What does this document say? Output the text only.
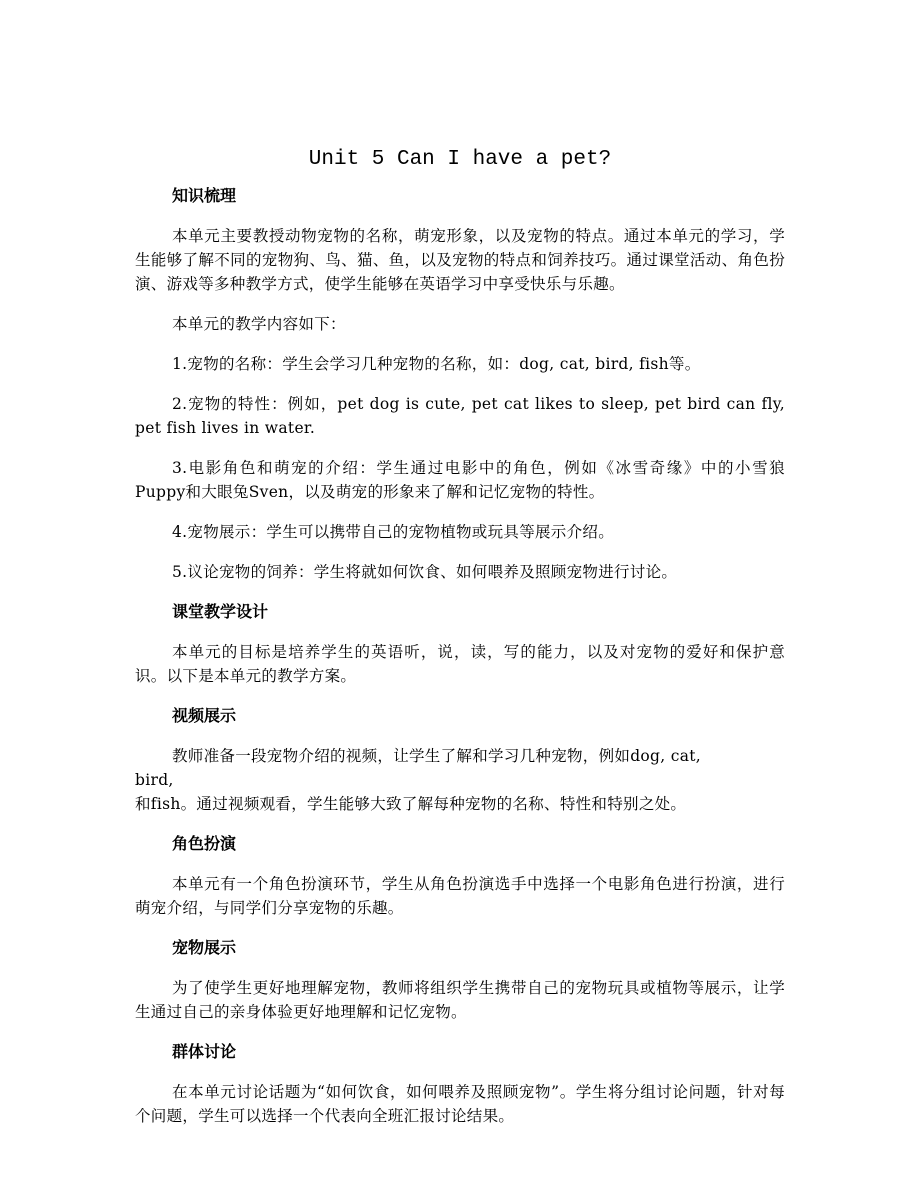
Unit 5 Can I have a pet?
知识梳理
本单元主要教授动物宠物的名称，萌宠形象，以及宠物的特点。通过本单元的学习，学生能够了解不同的宠物狗、鸟、猫、鱼，以及宠物的特点和饲养技巧。通过课堂活动、角色扮演、游戏等多种教学方式，使学生能够在英语学习中享受快乐与乐趣。
本单元的教学内容如下：
1.宠物的名称：学生会学习几种宠物的名称，如：dog, cat, bird, fish等。
2.宠物的特性：例如，pet dog is cute, pet cat likes to sleep, pet bird can fly, pet fish lives in water.
3.电影角色和萌宠的介绍：学生通过电影中的角色，例如《冰雪奇缘》中的小雪狼Puppy和大眼兔Sven，以及萌宠的形象来了解和记忆宠物的特性。
4.宠物展示：学生可以携带自己的宠物植物或玩具等展示介绍。
5.议论宠物的饲养：学生将就如何饮食、如何喂养及照顾宠物进行讨论。
课堂教学设计
本单元的目标是培养学生的英语听，说，读，写的能力，以及对宠物的爱好和保护意识。以下是本单元的教学方案。
视频展示
教师准备一段宠物介绍的视频，让学生了解和学习几种宠物，例如dog, cat,
bird,
和fish。通过视频观看，学生能够大致了解每种宠物的名称、特性和特别之处。
角色扮演
本单元有一个角色扮演环节，学生从角色扮演选手中选择一个电影角色进行扮演，进行萌宠介绍，与同学们分享宠物的乐趣。
宠物展示
为了使学生更好地理解宠物，教师将组织学生携带自己的宠物玩具或植物等展示，让学生通过自己的亲身体验更好地理解和记忆宠物。
群体讨论
在本单元讨论话题为“如何饮食，如何喂养及照顾宠物”。学生将分组讨论问题，针对每个问题，学生可以选择一个代表向全班汇报讨论结果。
